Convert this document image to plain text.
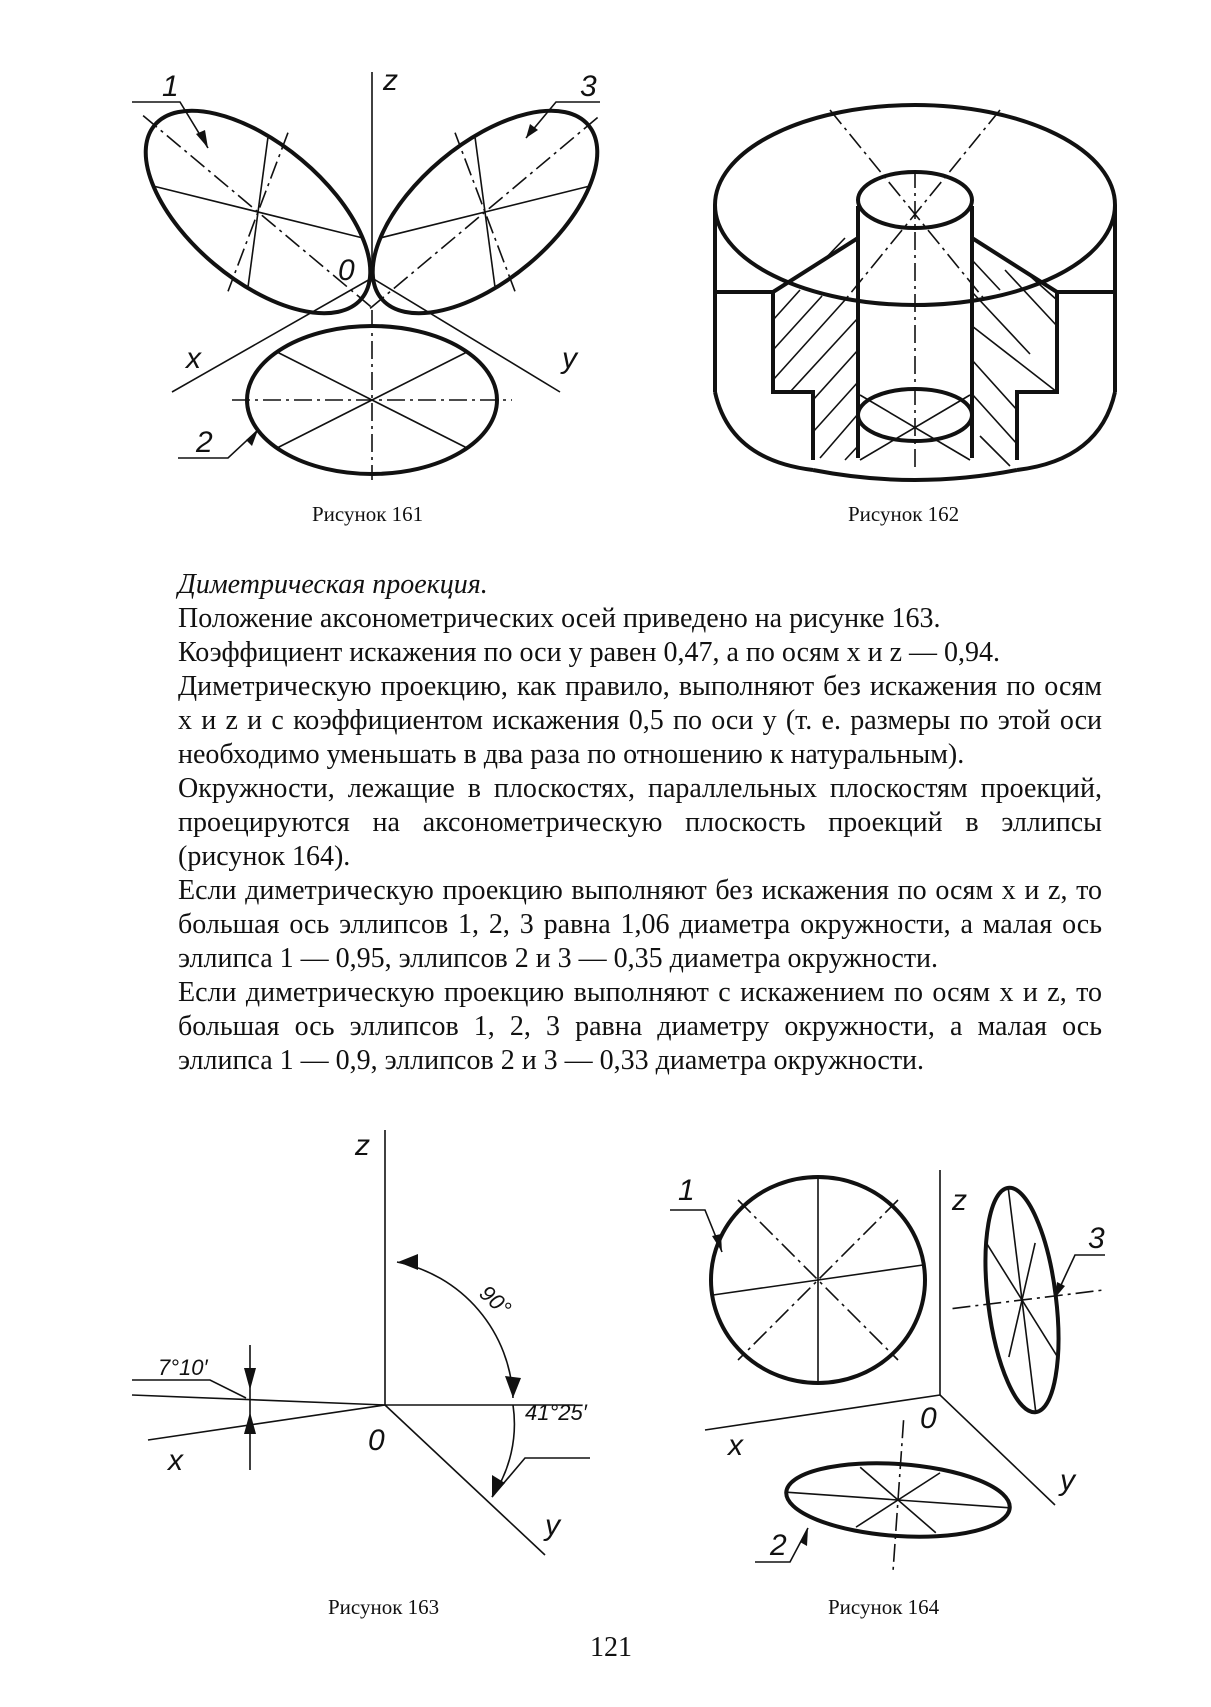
1	3
2
z
x	y
0
z
x
y
0
90°
7°10′
41°25′
1
3
2
z
x
y
0
Рисунок 161	Рисунок 162
Рисунок 163	Рисунок 164

Диметрическая проекция.

Положение аксонометрических осей приведено на рисунке 163.

Коэффициент искажения по оси y равен 0,47, а по осям x и z — 0,94.

Диметрическую проекцию, как правило, выполняют без искажения по осям x и z и с коэффициентом искажения 0,5 по оси y (т. е. размеры по этой оси необходимо уменьшать в два раза по отношению к натуральным).

Окружности, лежащие в плоскостях, параллельных плоскостям проекций, проецируются на аксонометрическую плоскость проекций в эллипсы (рисунок 164).

Если диметрическую проекцию выполняют без искажения по осям x и z, то большая ось эллипсов 1, 2, 3 равна 1,06 диаметра окружности, а малая ось эллипса 1 — 0,95, эллипсов 2 и 3 — 0,35 диаметра окружности.

Если диметрическую проекцию выполняют с искажением по осям x и z, то большая ось эллипсов 1, 2, 3 равна диаметру окружности, а малая ось эллипса 1 — 0,9, эллипсов 2 и 3 — 0,33 диаметра окружности.

121
